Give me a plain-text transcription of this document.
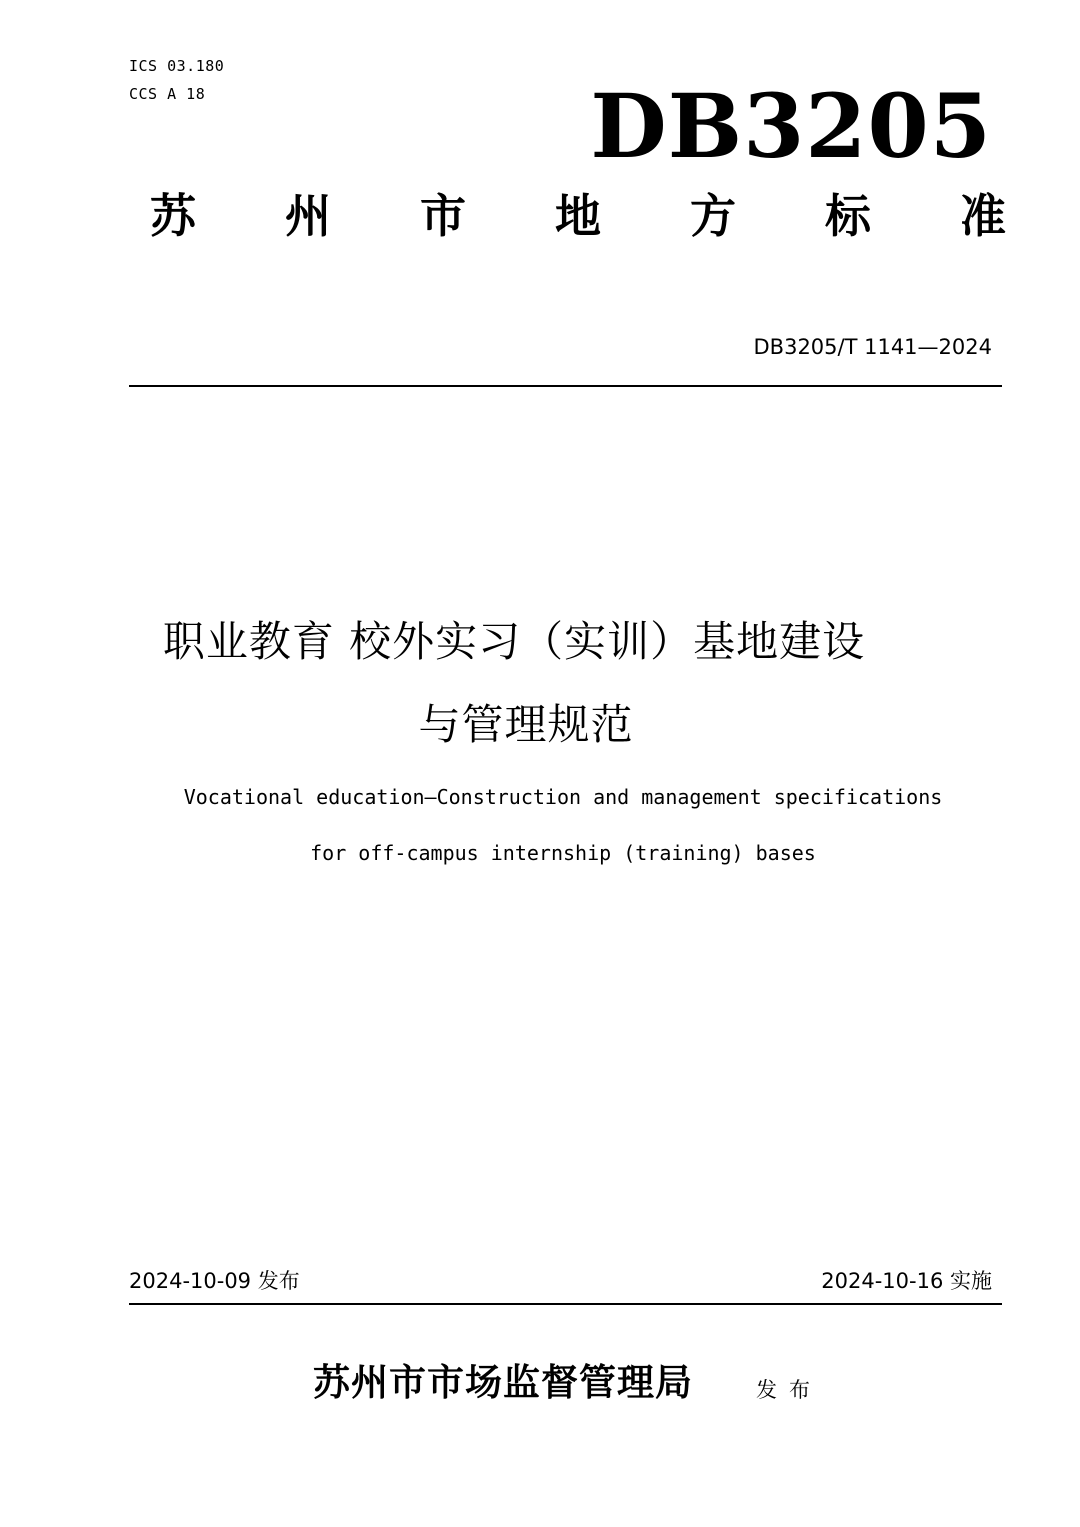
ICS 03.180
CCS A 18	DB3205
苏 州 市 地 方 标 准
DB3205/T 1141—2024
职业教育 校外实习（实训）基地建设
与管理规范
Vocational education—Construction and management specifications
for off-campus internship (training) bases
2024-10-09 发布	2024-10-16 实施
苏州市市场监督管理局	发布
